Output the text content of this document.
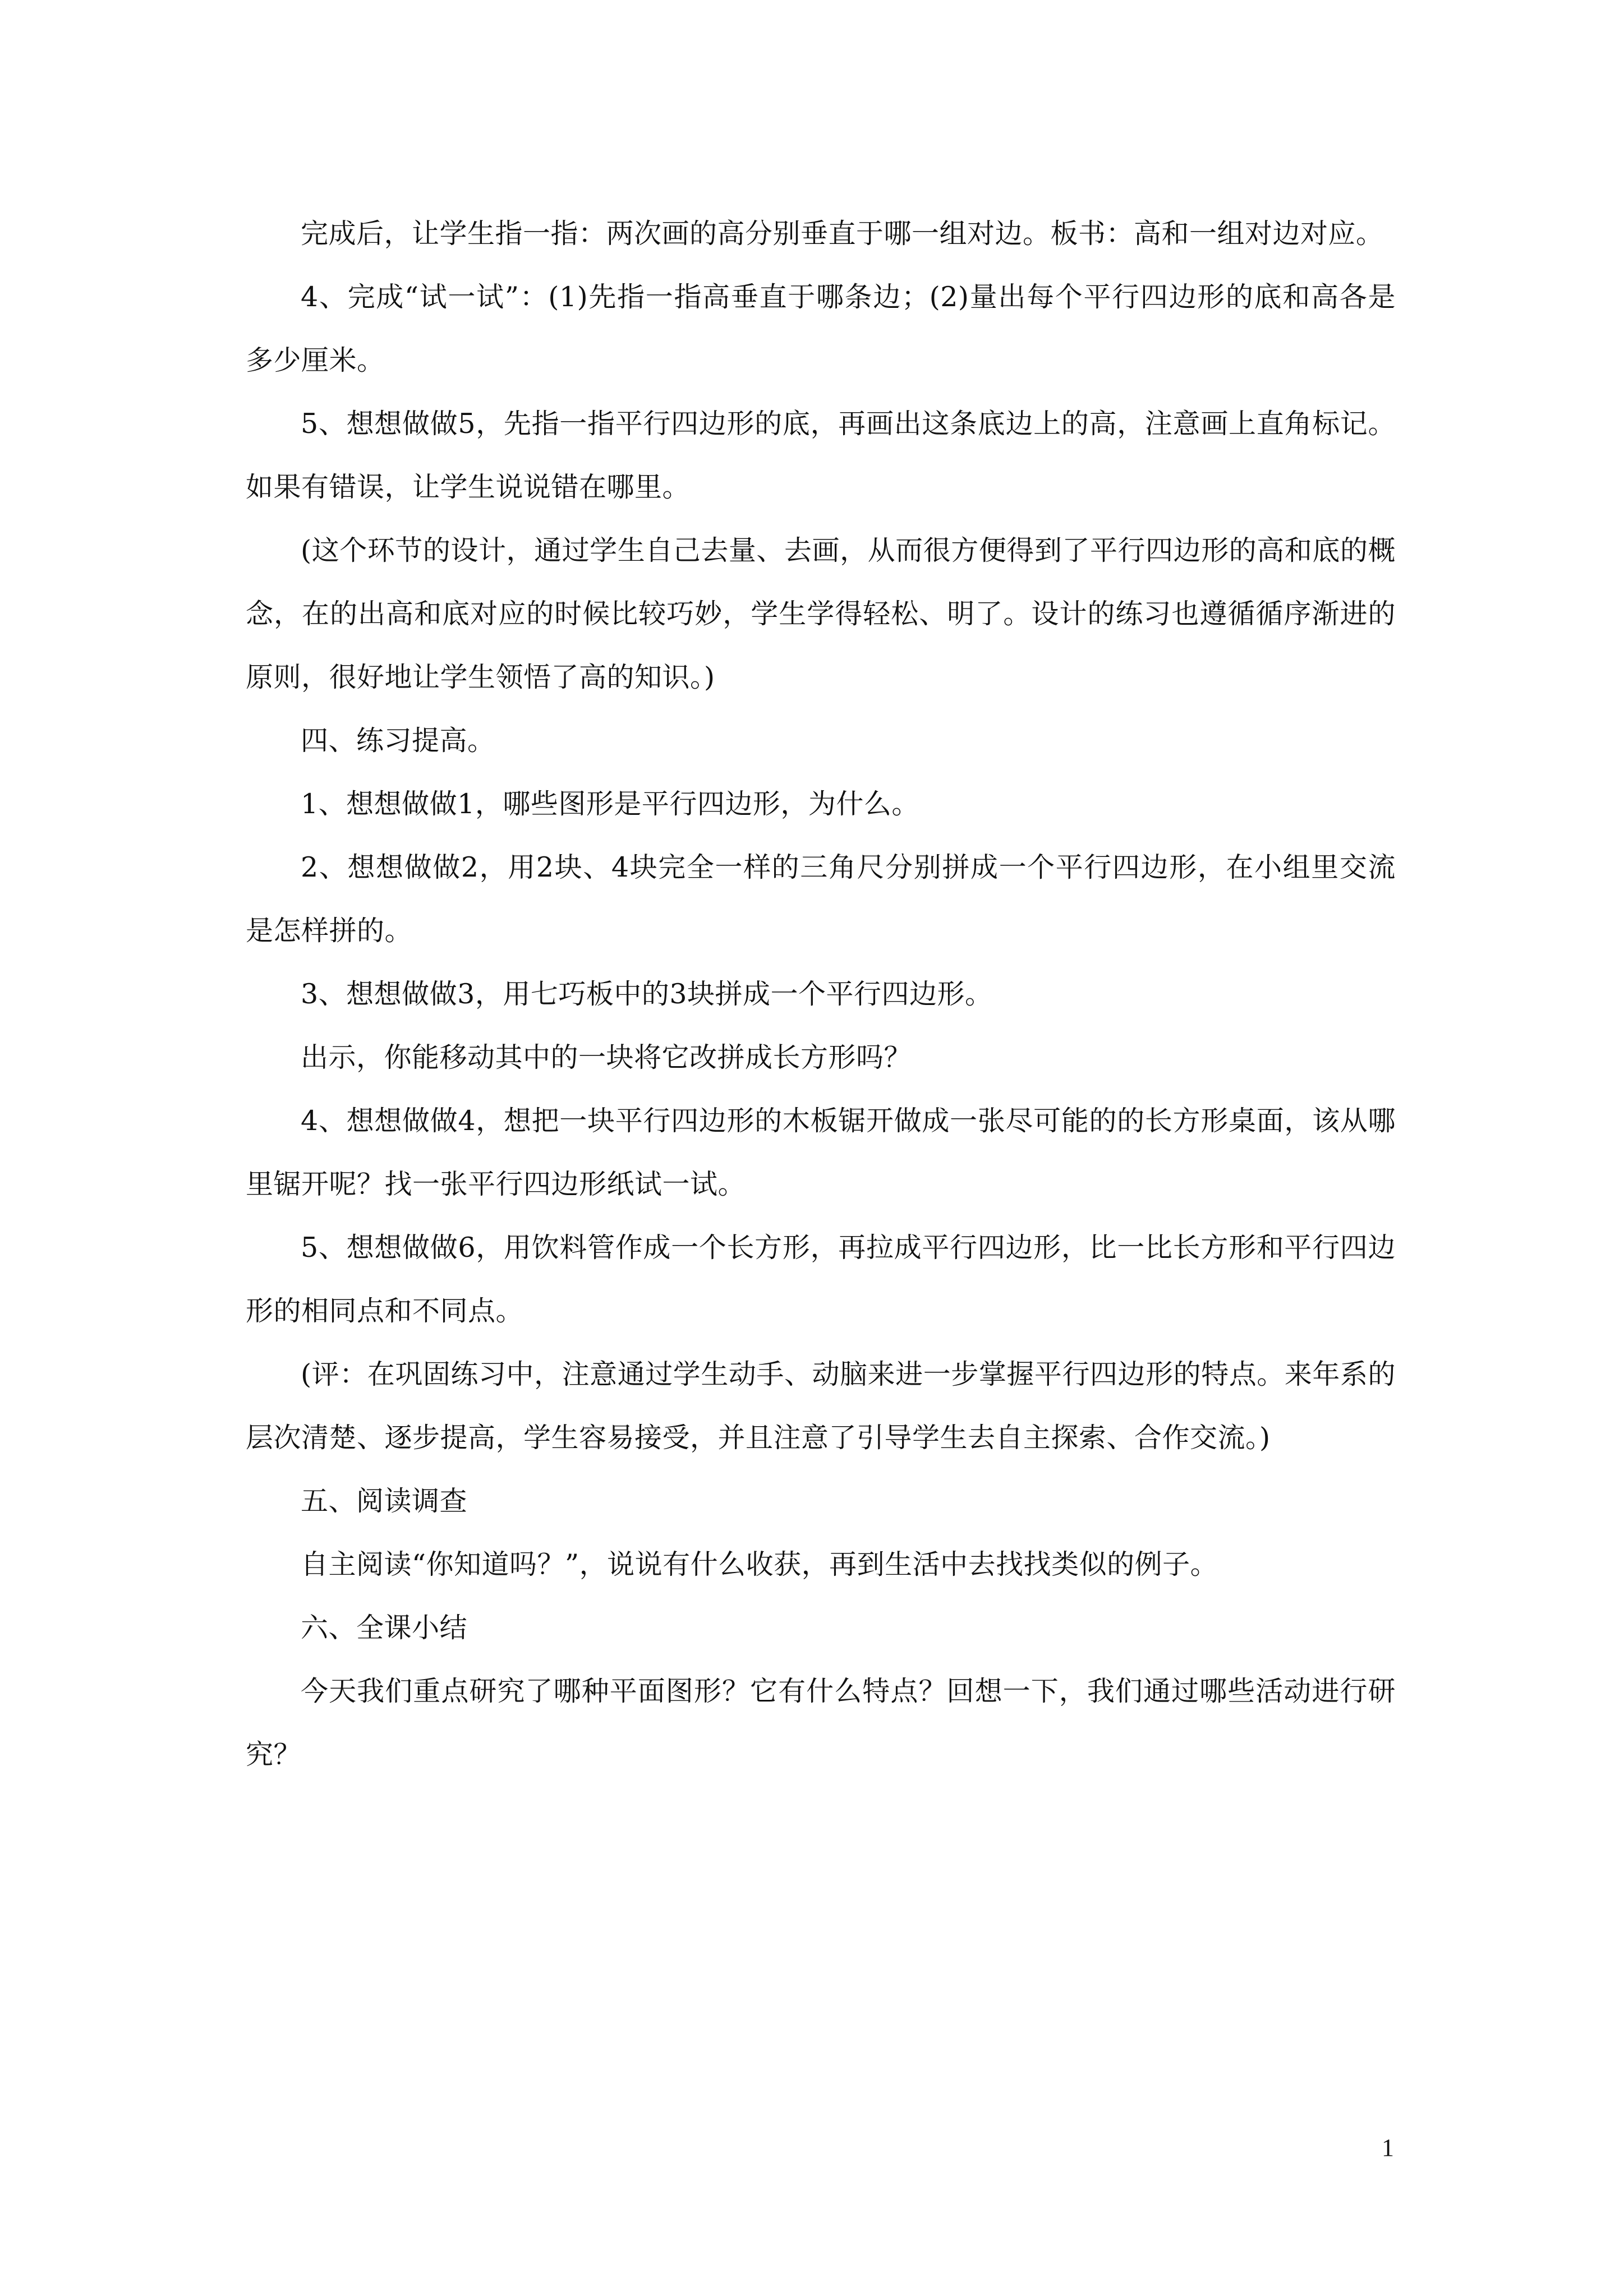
完成后，让学生指一指：两次画的高分别垂直于哪一组对边。板书：高和一组对边对应。

4、完成“试一试”：(1)先指一指高垂直于哪条边；(2)量出每个平行四边形的底和高各是多少厘米。

5、想想做做5，先指一指平行四边形的底，再画出这条底边上的高，注意画上直角标记。如果有错误，让学生说说错在哪里。

(这个环节的设计，通过学生自己去量、去画，从而很方便得到了平行四边形的高和底的概念，在的出高和底对应的时候比较巧妙，学生学得轻松、明了。设计的练习也遵循循序渐进的原则，很好地让学生领悟了高的知识。)

四、练习提高。

1、想想做做1，哪些图形是平行四边形，为什么。

2、想想做做2，用2块、4块完全一样的三角尺分别拼成一个平行四边形，在小组里交流是怎样拼的。

3、想想做做3，用七巧板中的3块拼成一个平行四边形。

出示，你能移动其中的一块将它改拼成长方形吗？

4、想想做做4，想把一块平行四边形的木板锯开做成一张尽可能的的长方形桌面，该从哪里锯开呢？找一张平行四边形纸试一试。

5、想想做做6，用饮料管作成一个长方形，再拉成平行四边形，比一比长方形和平行四边形的相同点和不同点。

(评：在巩固练习中，注意通过学生动手、动脑来进一步掌握平行四边形的特点。来年系的层次清楚、逐步提高，学生容易接受，并且注意了引导学生去自主探索、合作交流。)

五、阅读调查

自主阅读“你知道吗？”，说说有什么收获，再到生活中去找找类似的例子。

六、全课小结

今天我们重点研究了哪种平面图形？它有什么特点？回想一下，我们通过哪些活动进行研究？

1
